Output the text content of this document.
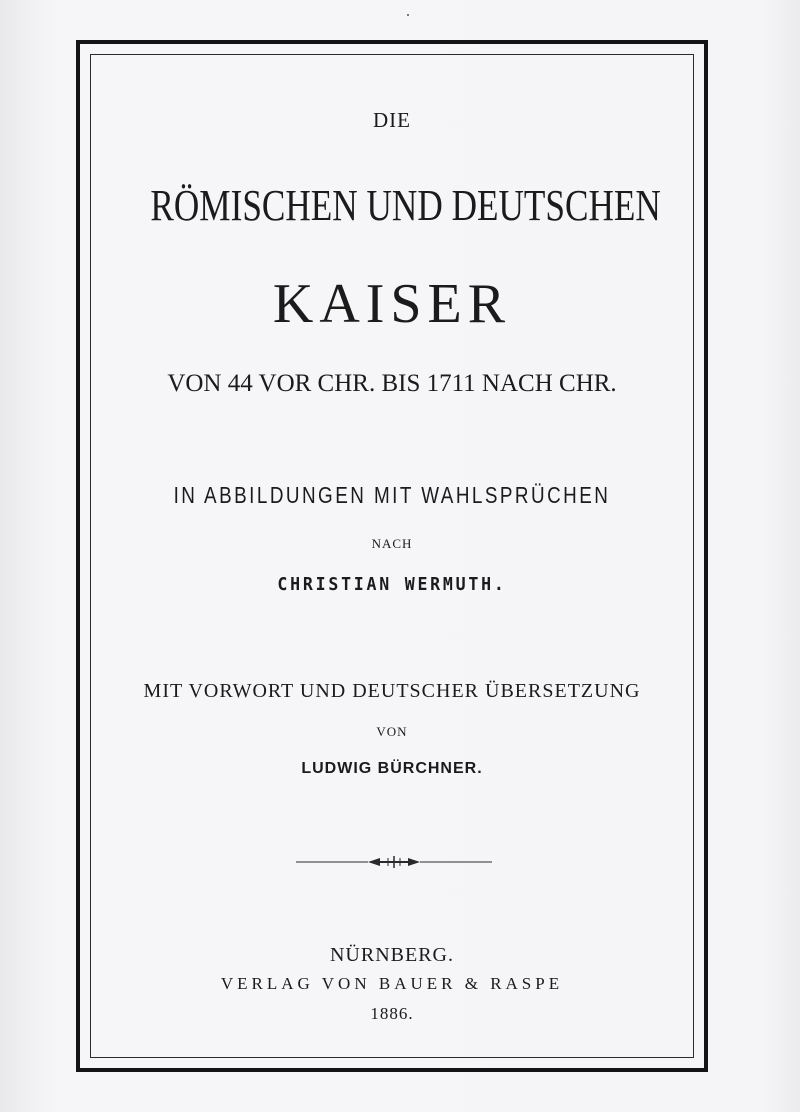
DIE
RÖMISCHEN UND DEUTSCHEN
KAISER
VON 44 VOR CHR. BIS 1711 NACH CHR.
IN ABBILDUNGEN MIT WAHLSPRÜCHEN
NACH
CHRISTIAN WERMUTH.
MIT VORWORT UND DEUTSCHER ÜBERSETZUNG
VON
LUDWIG BÜRCHNER.
NÜRNBERG.
VERLAG VON BAUER & RASPE
1886.
